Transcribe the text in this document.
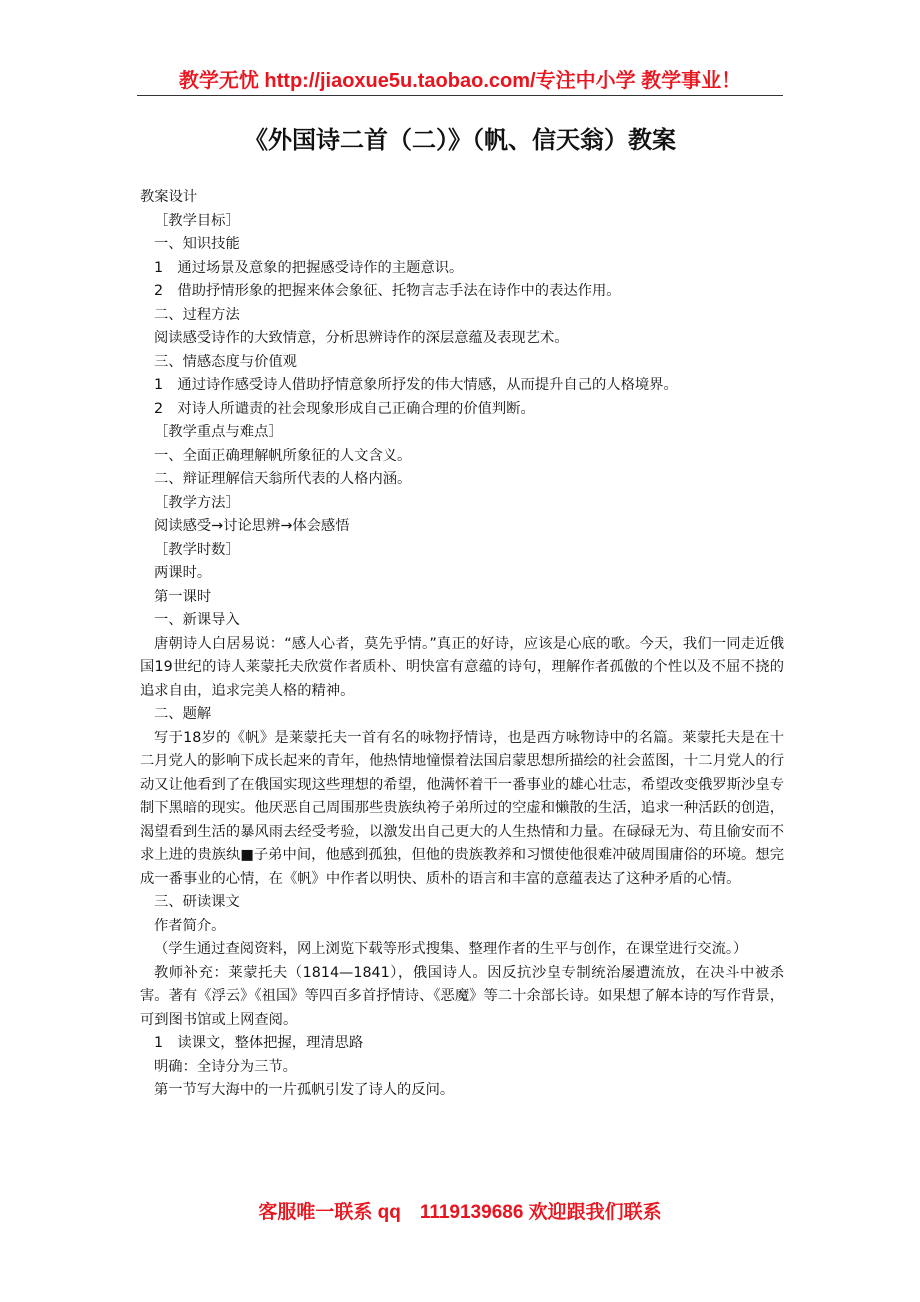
教学无忧 http://jiaoxue5u.taobao.com/专注中小学 教学事业！
《外国诗二首（二）》（帆、信天翁）教案

教案设计

［教学目标］

一、知识技能

1　通过场景及意象的把握感受诗作的主题意识。

2　借助抒情形象的把握来体会象征、托物言志手法在诗作中的表达作用。

二、过程方法

阅读感受诗作的大致情意，分析思辨诗作的深层意蕴及表现艺术。

三、情感态度与价值观

1　通过诗作感受诗人借助抒情意象所抒发的伟大情感，从而提升自己的人格境界。

2　对诗人所谴责的社会现象形成自己正确合理的价值判断。

［教学重点与难点］

一、全面正确理解帆所象征的人文含义。

二、辩证理解信天翁所代表的人格内涵。

［教学方法］

阅读感受→讨论思辨→体会感悟

［教学时数］

两课时。

第一课时

一、新课导入

唐朝诗人白居易说：“感人心者，莫先乎情。”真正的好诗，应该是心底的歌。今天，我们一同走近俄国19世纪的诗人莱蒙托夫欣赏作者质朴、明快富有意蕴的诗句，理解作者孤傲的个性以及不屈不挠的追求自由，追求完美人格的精神。

二、题解

写于18岁的《帆》是莱蒙托夫一首有名的咏物抒情诗，也是西方咏物诗中的名篇。莱蒙托夫是在十二月党人的影响下成长起来的青年，他热情地憧憬着法国启蒙思想所描绘的社会蓝图，十二月党人的行动又让他看到了在俄国实现这些理想的希望，他满怀着干一番事业的雄心壮志，希望改变俄罗斯沙皇专制下黑暗的现实。他厌恶自己周围那些贵族纨袴子弟所过的空虚和懒散的生活，追求一种活跃的创造，渴望看到生活的暴风雨去经受考验，以激发出自己更大的人生热情和力量。在碌碌无为、苟且偷安而不求上进的贵族纨■子弟中间，他感到孤独，但他的贵族教养和习惯使他很难冲破周围庸俗的环境。想完成一番事业的心情，在《帆》中作者以明快、质朴的语言和丰富的意蕴表达了这种矛盾的心情。

三、研读课文

作者简介。

（学生通过查阅资料，网上浏览下载等形式搜集、整理作者的生平与创作，在课堂进行交流。）

教师补充：莱蒙托夫（1814—1841），俄国诗人。因反抗沙皇专制统治屡遭流放，在决斗中被杀害。著有《浮云》《祖国》等四百多首抒情诗、《恶魔》等二十余部长诗。如果想了解本诗的写作背景，可到图书馆或上网查阅。

1　读课文，整体把握，理清思路

明确：全诗分为三节。

第一节写大海中的一片孤帆引发了诗人的反问。

客服唯一联系 qq　1119139686 欢迎跟我们联系
